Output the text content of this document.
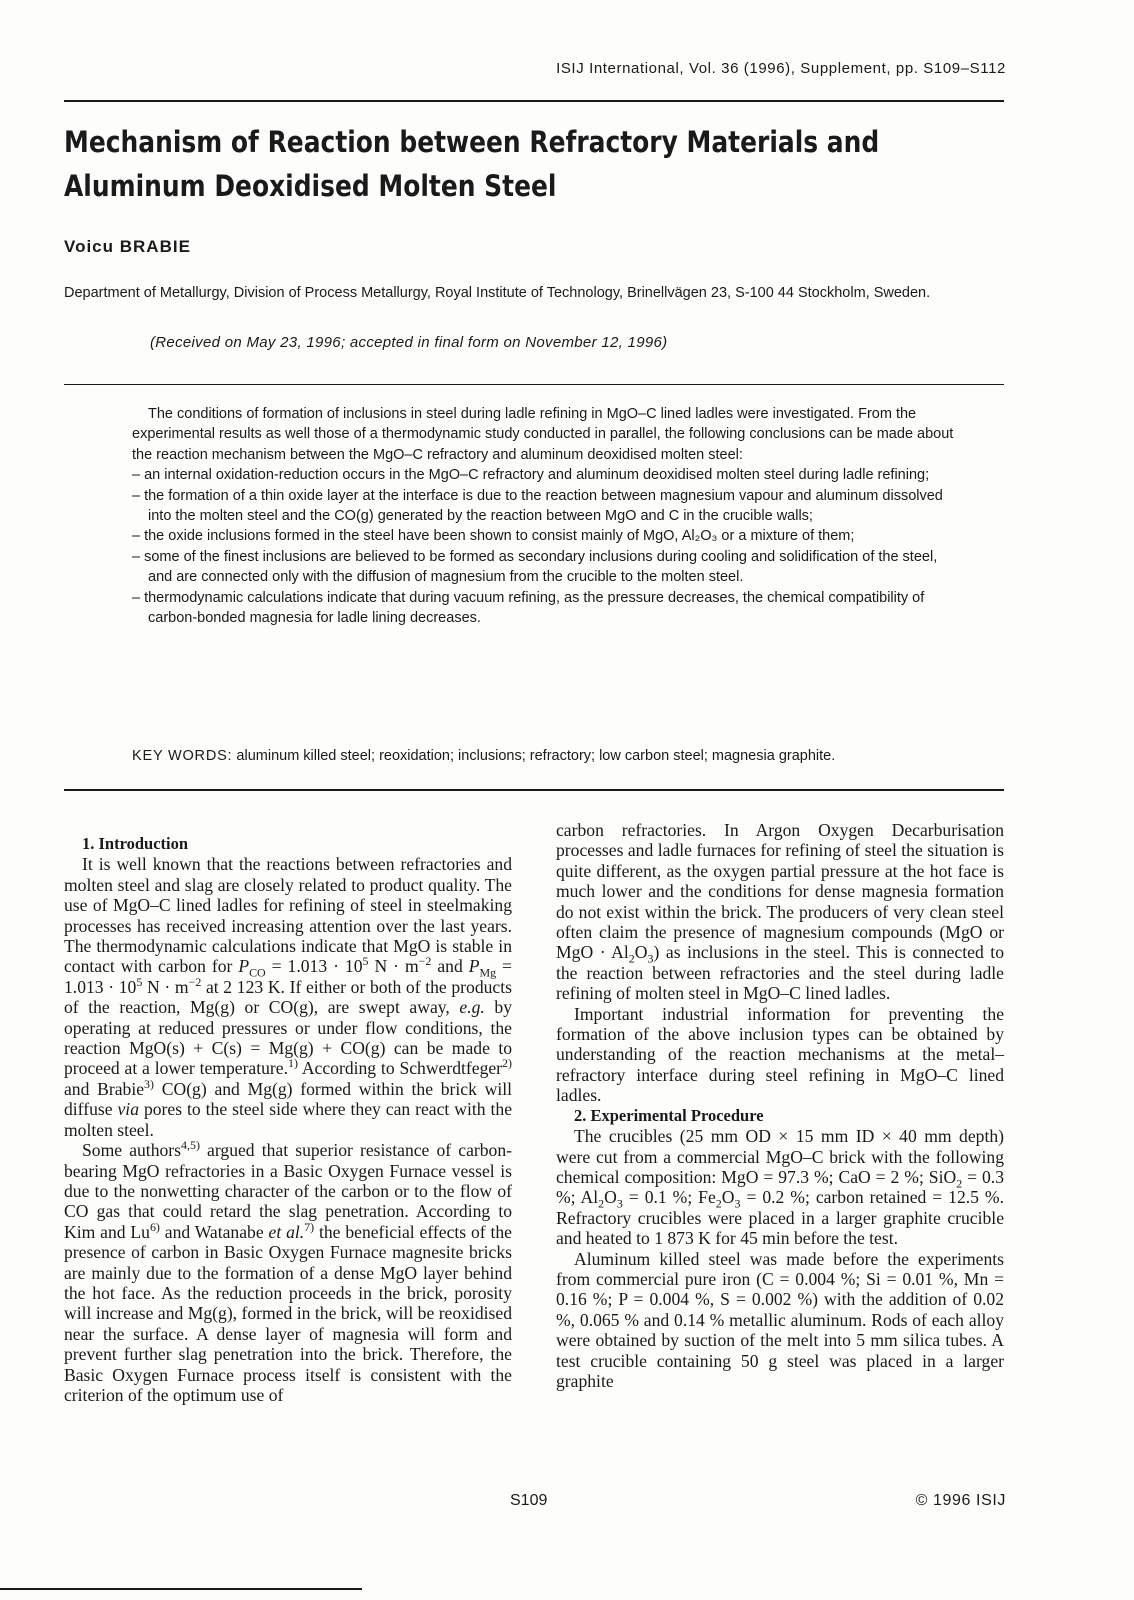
ISIJ International, Vol. 36 (1996), Supplement, pp. S109–S112
Mechanism of Reaction between Refractory Materials and
Aluminum Deoxidised Molten Steel
Voicu BRABIE
Department of Metallurgy, Division of Process Metallurgy, Royal Institute of Technology, Brinellvägen 23, S-100 44 Stockholm, Sweden.
(Received on May 23, 1996; accepted in final form on November 12, 1996)

The conditions of formation of inclusions in steel during ladle refining in MgO–C lined ladles were investigated. From the experimental results as well those of a thermodynamic study conducted in parallel, the following conclusions can be made about the reaction mechanism between the MgO–C refractory and aluminum deoxidised molten steel:

– an internal oxidation-reduction occurs in the MgO–C refractory and aluminum deoxidised molten steel during ladle refining;
– the formation of a thin oxide layer at the interface is due to the reaction between magnesium vapour and aluminum dissolved into the molten steel and the CO(g) generated by the reaction between MgO and C in the crucible walls;
– the oxide inclusions formed in the steel have been shown to consist mainly of MgO, Al₂O₃ or a mixture of them;
– some of the finest inclusions are believed to be formed as secondary inclusions during cooling and solidification of the steel, and are connected only with the diffusion of magnesium from the crucible to the molten steel.
– thermodynamic calculations indicate that during vacuum refining, as the pressure decreases, the chemical compatibility of carbon-bonded magnesia for ladle lining decreases.
KEY WORDS: aluminum killed steel; reoxidation; inclusions; refractory; low carbon steel; magnesia graphite.

1. Introduction

It is well known that the reactions between refractories and molten steel and slag are closely related to product quality. The use of MgO–C lined ladles for refining of steel in steelmaking processes has received increasing attention over the last years. The thermodynamic calculations indicate that MgO is stable in contact with carbon for $P_{CO} = 1.013 \cdot 10^5$ $N \cdot m^{-2}$ and $P_{Mg} = 1.013 \cdot 10^5$ $N \cdot m^{-2}$ at 2 123 K. If either or both of the products of the reaction, Mg(g) or CO(g), are swept away, e.g. by operating at reduced pressures or under flow conditions, the reaction MgO(s) + C(s) = Mg(g) + CO(g) can be made to proceed at a lower temperature.$^{1)}$ According to Schwerdtfeger$^{2)}$ and Brabie$^{3)}$ CO(g) and Mg(g) formed within the brick will diffuse via pores to the steel side where they can react with the molten steel.

Some authors$^{4,5)}$ argued that superior resistance of carbon-bearing MgO refractories in a Basic Oxygen Furnace vessel is due to the nonwetting character of the carbon or to the flow of CO gas that could retard the slag penetration. According to Kim and Lu$^{6)}$ and Watanabe et al.$^{7)}$ the beneficial effects of the presence of carbon in Basic Oxygen Furnace magnesite bricks are mainly due to the formation of a dense MgO layer behind the hot face. As the reduction proceeds in the brick, porosity will increase and Mg(g), formed in the brick, will be reoxidised near the surface. A dense layer of magnesia will form and prevent further slag penetration into the brick. Therefore, the Basic Oxygen Furnace process itself is consistent with the criterion of the optimum use of

carbon refractories. In Argon Oxygen Decarburisation processes and ladle furnaces for refining of steel the situation is quite different, as the oxygen partial pressure at the hot face is much lower and the conditions for dense magnesia formation do not exist within the brick. The producers of very clean steel often claim the presence of magnesium compounds (MgO or MgO · $Al_2O_3$) as inclusions in the steel. This is connected to the reaction between refractories and the steel during ladle refining of molten steel in MgO–C lined ladles.

Important industrial information for preventing the formation of the above inclusion types can be obtained by understanding of the reaction mechanisms at the metal–refractory interface during steel refining in MgO–C lined ladles.

2. Experimental Procedure

The crucibles (25 mm OD × 15 mm ID × 40 mm depth) were cut from a commercial MgO–C brick with the following chemical composition: MgO = 97.3 %; CaO = 2 %; SiO$_2$ = 0.3 %; $Al_2O_3 = 0.1$ %; $Fe_2O_3 = 0.2$ %; carbon retained = 12.5 %. Refractory crucibles were placed in a larger graphite crucible and heated to 1 873 K for 45 min before the test.

Aluminum killed steel was made before the experiments from commercial pure iron (C = 0.004 %; Si = 0.01 %, Mn = 0.16 %; P = 0.004 %, S = 0.002 %) with the addition of 0.02 %, 0.065 % and 0.14 % metallic aluminum. Rods of each alloy were obtained by suction of the melt into 5 mm silica tubes. A test crucible containing 50 g steel was placed in a larger graphite

S109	© 1996 ISIJ
